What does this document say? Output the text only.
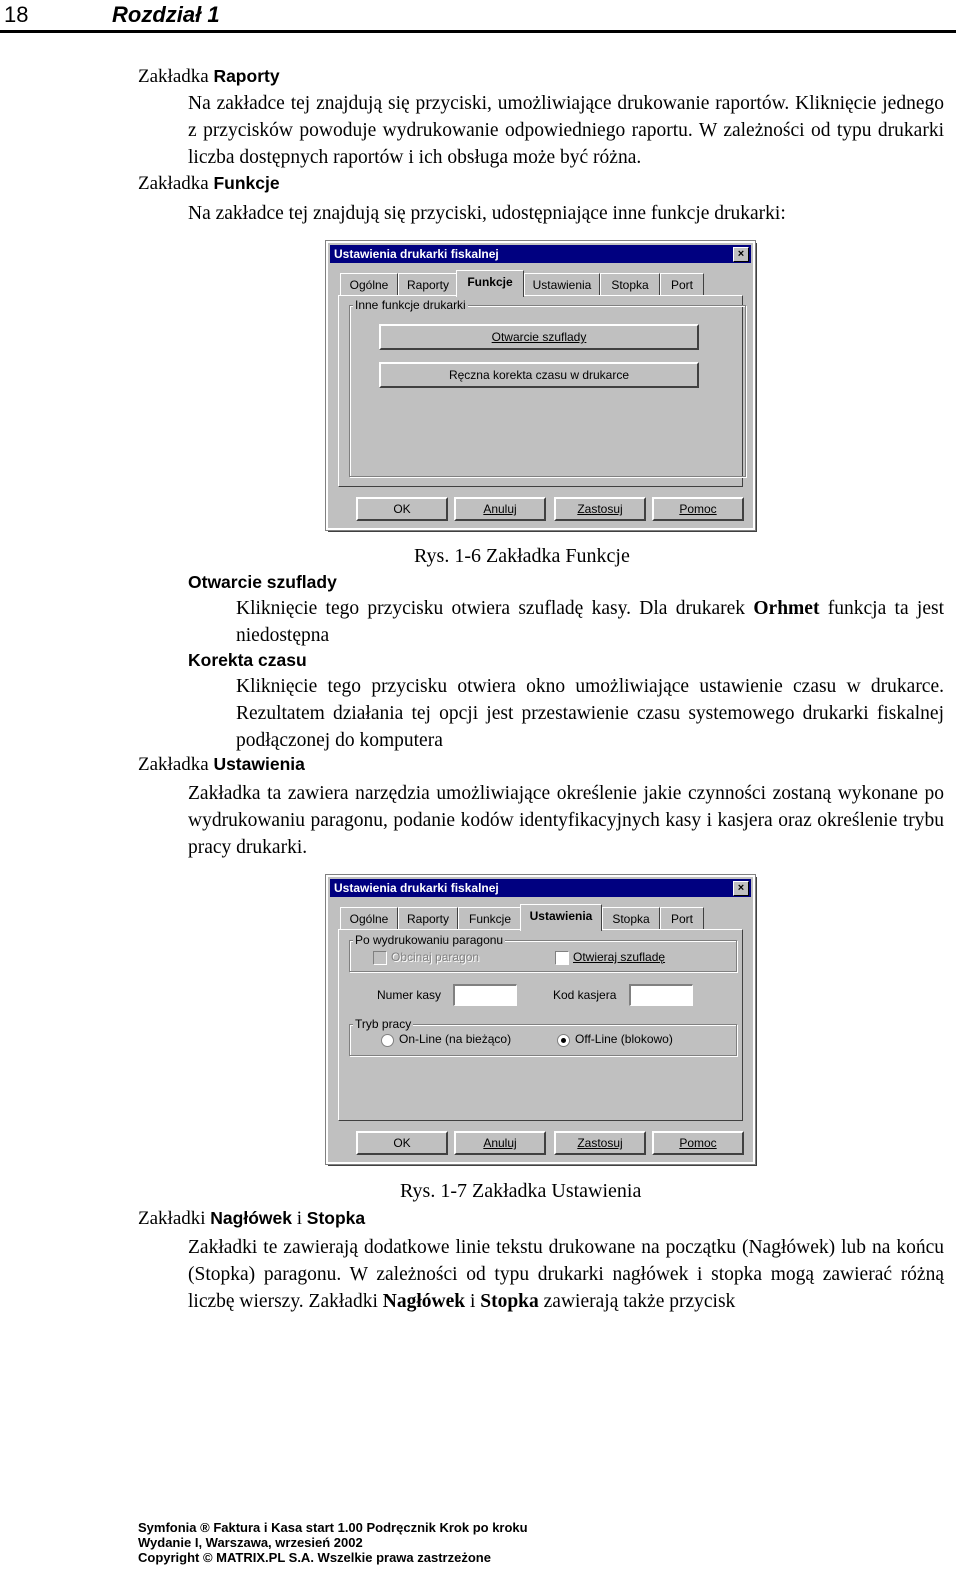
18	Rozdział 1
Zakładka Raporty
Na zakładce tej znajdują się przyciski, umożliwiające drukowanie raportów. Kliknięcie jednego z przycisków powoduje wydrukowanie odpowiedniego raportu. W zależności od typu drukarki liczba dostępnych raportów i ich obsługa może być różna.
Zakładka Funkcje
Na zakładce tej znajdują się przyciski, udostępniające inne funkcje drukarki:
Ustawienia drukarki fiskalnej	×
Ogólne	Raporty	Funkcje	Ustawienia	Stopka	Port
Inne funkcje drukarki
Otwarcie szuflady
Ręczna korekta czasu w drukarce
OK	Anuluj	Zastosuj	Pomoc
Rys. 1-6 Zakładka Funkcje
Otwarcie szuflady
Kliknięcie tego przycisku otwiera szufladę kasy. Dla drukarek Orhmet funkcja ta jest niedostępna
Korekta czasu
Kliknięcie tego przycisku otwiera okno umożliwiające ustawienie czasu w drukarce. Rezultatem działania tej opcji jest przestawienie czasu systemowego drukarki fiskalnej podłączonej do komputera
Zakładka Ustawienia
Zakładka ta zawiera narzędzia umożliwiające określenie jakie czynności zostaną wykonane po wydrukowaniu paragonu, podanie kodów identyfikacyjnych kasy i kasjera oraz określenie trybu pracy drukarki.
Ustawienia drukarki fiskalnej	×
Ogólne	Raporty	Funkcje	Ustawienia	Stopka	Port
Po wydrukowaniu paragonu
Obcinaj paragon	Otwieraj szufladę
Numer kasy	Kod kasjera
Tryb pracy
On-Line (na bieżąco)	Off-Line (blokowo)
OK	Anuluj	Zastosuj	Pomoc
Rys. 1-7 Zakładka Ustawienia
Zakładki Nagłówek i Stopka
Zakładki te zawierają dodatkowe linie tekstu drukowane na początku (Nagłówek) lub na końcu (Stopka) paragonu. W zależności od typu drukarki nagłówek i stopka mogą zawierać różną liczbę wierszy. Zakładki Nagłówek i Stopka zawierają także przycisk
Symfonia ® Faktura i Kasa start 1.00 Podręcznik Krok po kroku
Wydanie I, Warszawa, wrzesień 2002
Copyright © MATRIX.PL S.A. Wszelkie prawa zastrzeżone
